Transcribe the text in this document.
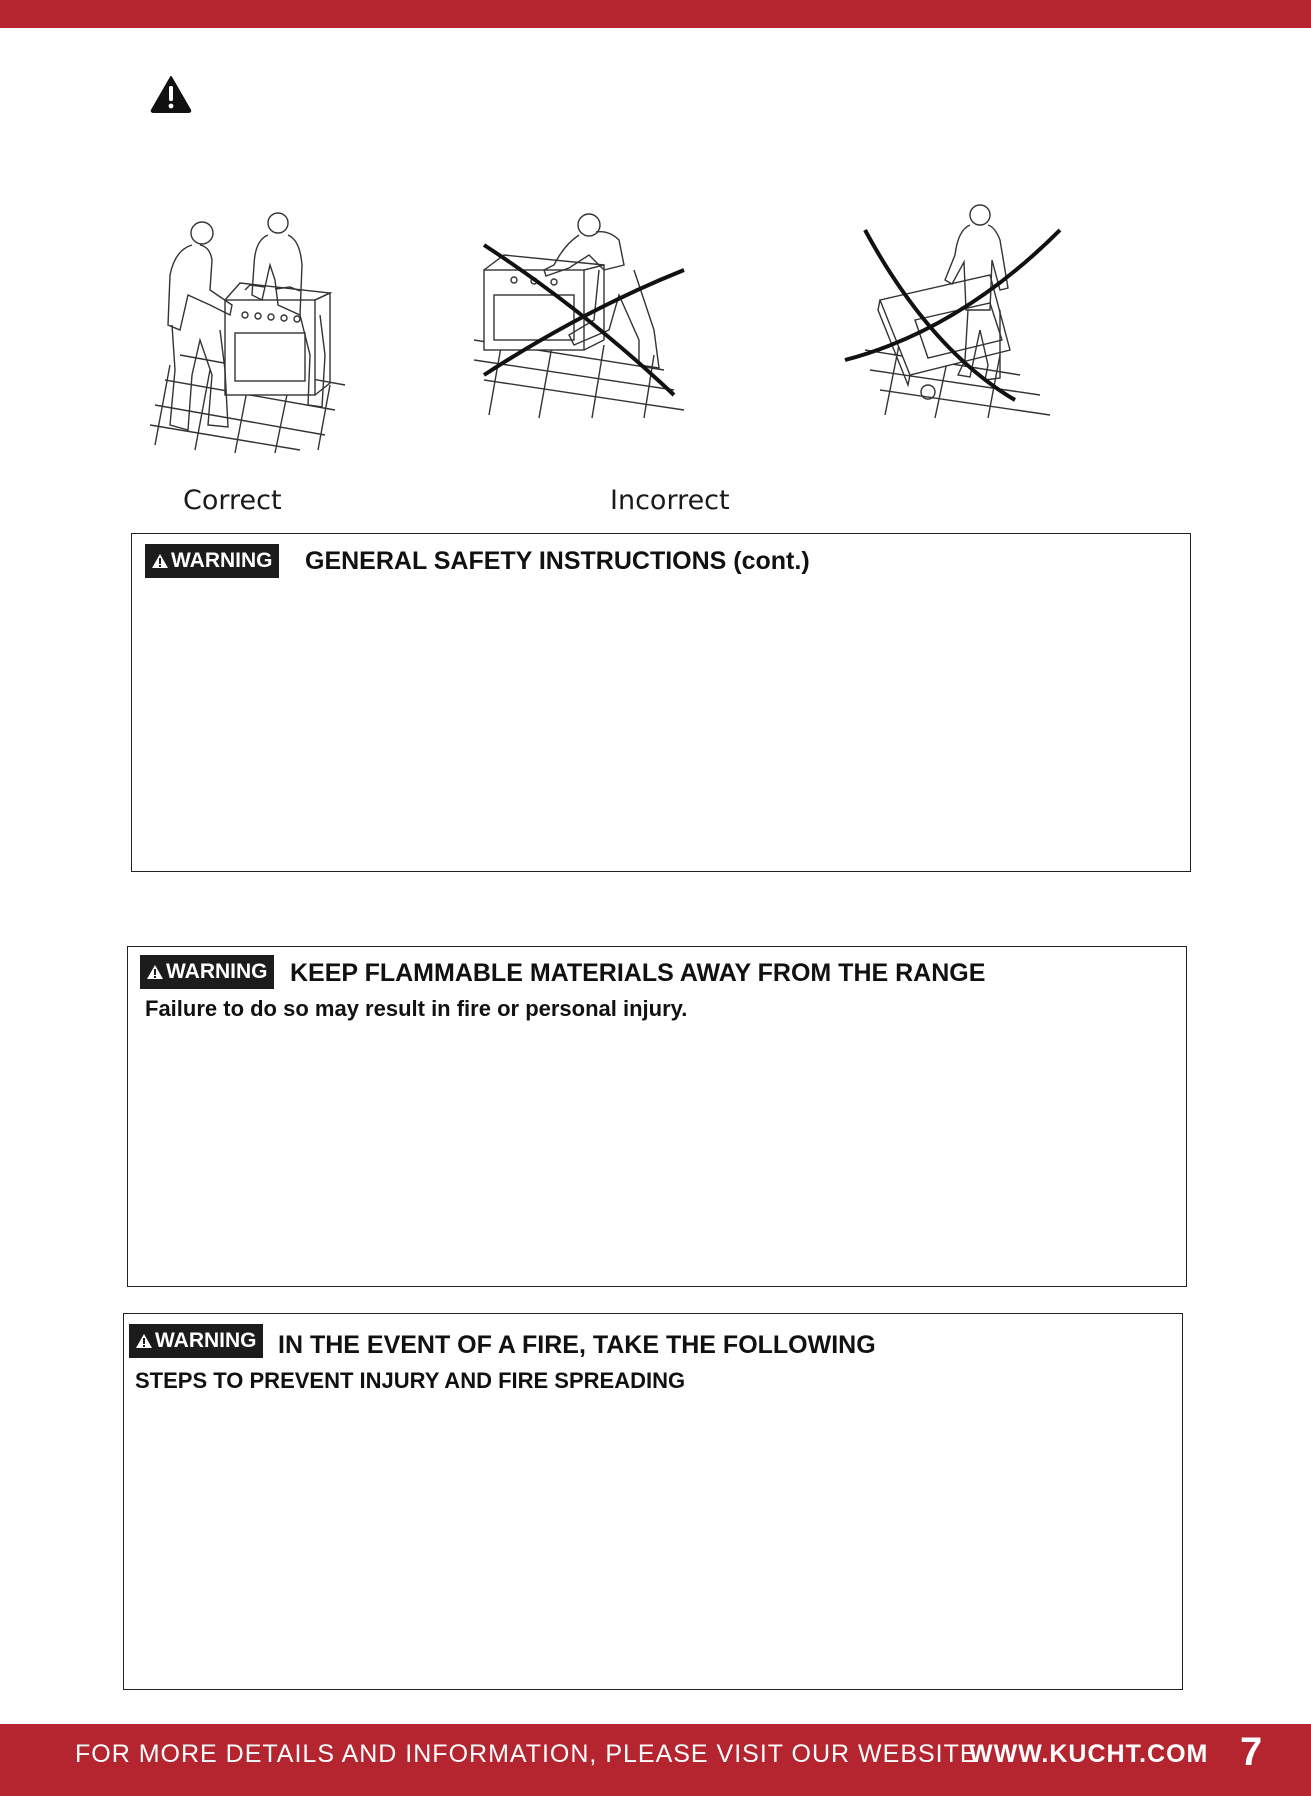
Correct	Incorrect
WARNING GENERAL SAFETY INSTRUCTIONS (cont.)
WARNING KEEP FLAMMABLE MATERIALS AWAY FROM THE RANGE
Failure to do so may result in fire or personal injury.
WARNING IN THE EVENT OF A FIRE, TAKE THE FOLLOWING
STEPS TO PREVENT INJURY AND FIRE SPREADING
FOR MORE DETAILS AND INFORMATION, PLEASE VISIT OUR WEBSITE
WWW.KUCHT.COM 7
